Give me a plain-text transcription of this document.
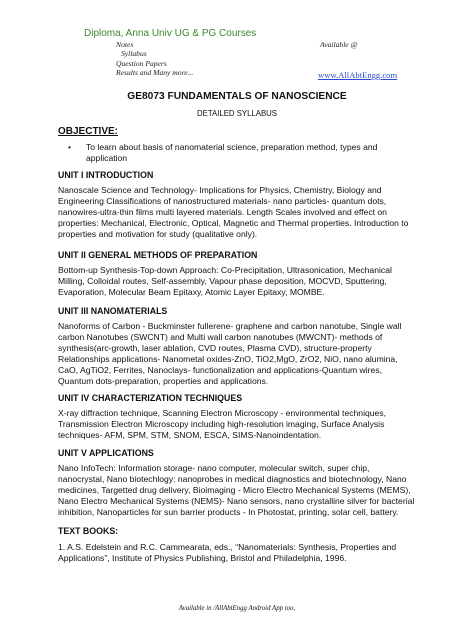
Diploma, Anna Univ UG & PG Courses
Notes
Syllabus
Question Papers
Results and Many more...
Available @
www.AllAbtEngg.com
GE8073 FUNDAMENTALS OF NANOSCIENCE
DETAILED SYLLABUS
OBJECTIVE:
• To learn about basis of nanomaterial science, preparation method, types and application
UNIT I INTRODUCTION
Nanoscale Science and Technology- Implications for Physics, Chemistry, Biology and
Engineering Classifications of nanostructured materials- nano particles- quantum dots,
nanowires-ultra-thin films multi layered materials. Length Scales involved and effect on
properties: Mechanical, Electronic, Optical, Magnetic and Thermal properties. Introduction to
properties and motivation for study (qualitative only).
UNIT II GENERAL METHODS OF PREPARATION
Bottom-up Synthesis-Top-down Approach: Co-Precipitation, Ultrasonication, Mechanical
Milling, Colloidal routes, Self-assembly, Vapour phase deposition, MOCVD, Sputtering,
Evaporation, Molecular Beam Epitaxy, Atomic Layer Epitaxy, MOMBE.
UNIT III NANOMATERIALS
Nanoforms of Carbon - Buckminster fullerene- graphene and carbon nanotube, Single wall
carbon Nanotubes (SWCNT) and Multi wall carbon nanotubes (MWCNT)- methods of
synthesis(arc-growth, laser ablation, CVD routes, Plasma CVD), structure-property
Relationships applications- Nanometal oxides-ZnO, TiO2,MgO, ZrO2, NiO, nano alumina,
CaO, AgTiO2, Ferrites, Nanoclays- functionalization and applications-Quantum wires,
Quantum dots-preparation, properties and applications.
UNIT IV CHARACTERIZATION TECHNIQUES
X-ray diffraction technique, Scanning Electron Microscopy - environmental techniques,
Transmission Electron Microscopy including high-resolution imaging, Surface Analysis
techniques- AFM, SPM, STM, SNOM, ESCA, SIMS-Nanoindentation.
UNIT V APPLICATIONS
Nano InfoTech: Information storage- nano computer, molecular switch, super chip,
nanocrystal, Nano biotechlogy: nanoprobes in medical diagnostics and biotechnology, Nano
medicines, Targetted drug delivery, Bioimaging - Micro Electro Mechanical Systems (MEMS),
Nano Electro Mechanical Systems (NEMS)- Nano sensors, nano crystalline silver for bacterial
inhibition, Nanoparticles for sun barrier products - In Photostat, printing, solar cell, battery.
TEXT BOOKS:
1. A.S. Edelstein and R.C. Cammearata, eds., “Nanomaterials: Synthesis, Properties and
Applications”, Institute of Physics Publishing, Bristol and Philadelphia, 1996.
Available in /AllAbtEngg Android App too,
